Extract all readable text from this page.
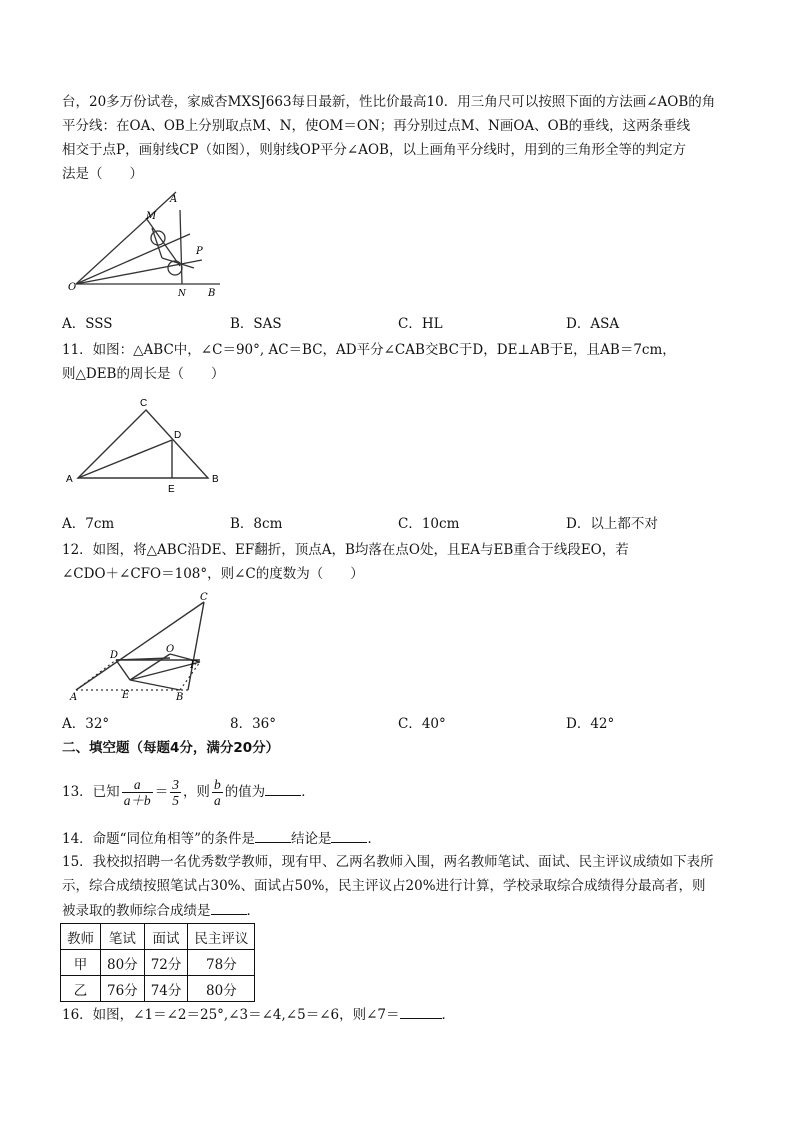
台，20多万份试卷，家威杏MXSJ663每日最新，性比价最高10．用三角尺可以按照下面的方法画∠AOB的角
平分线：在OA、OB上分别取点M、N，使OM＝ON；再分别过点M、N画OA、OB的垂线，这两条垂线
相交于点P，画射线CP（如图），则射线OP平分∠AOB，以上画角平分线时，用到的三角形全等的判定方
法是（　　）
A
M
P
O
N B
A．SSS	B．SAS	C．HL	D．ASA
11．如图：△ABC中，∠C＝90°, AC＝BC，AD平分∠CAB交BC于D，DE⊥AB于E，且AB＝7cm，
则△DEB的周长是（　　）
C
D
A
E
B
A．7cm	B．8cm	C．10cm	D．以上都不对
12．如图，将△ABC沿DE、EF翻折，顶点A，B均落在点O处，且EA与EB重合于线段EO，若
∠CDO＋∠CFO＝108°，则∠C的度数为（　　）
C
D
O
F
A	E	B
A．32°	8．36°	C．40°	D．42°
二、填空题（每题4分，满分20分）
13．已知 $\frac{a}{a+b} = \frac{3}{5}$ ，则 $\frac{b}{a}$ 的值为	．
14．命题“同位角相等”的条件是	结论是	．
15．我校拟招聘一名优秀数学教师，现有甲、乙两名教师入围，两名教师笔试、面试、民主评议成绩如下表所
示，综合成绩按照笔试占30%、面试占50%，民主评议占20%进行计算，学校录取综合成绩得分最高者，则
被录取的教师综合成绩是	．
教师	笔试	面试	民主评议
甲	80分	72分	78分
乙	76分	74分	80分
16．如图，∠1＝∠2＝25°,∠3＝∠4,∠5＝∠6，则∠7＝	．
